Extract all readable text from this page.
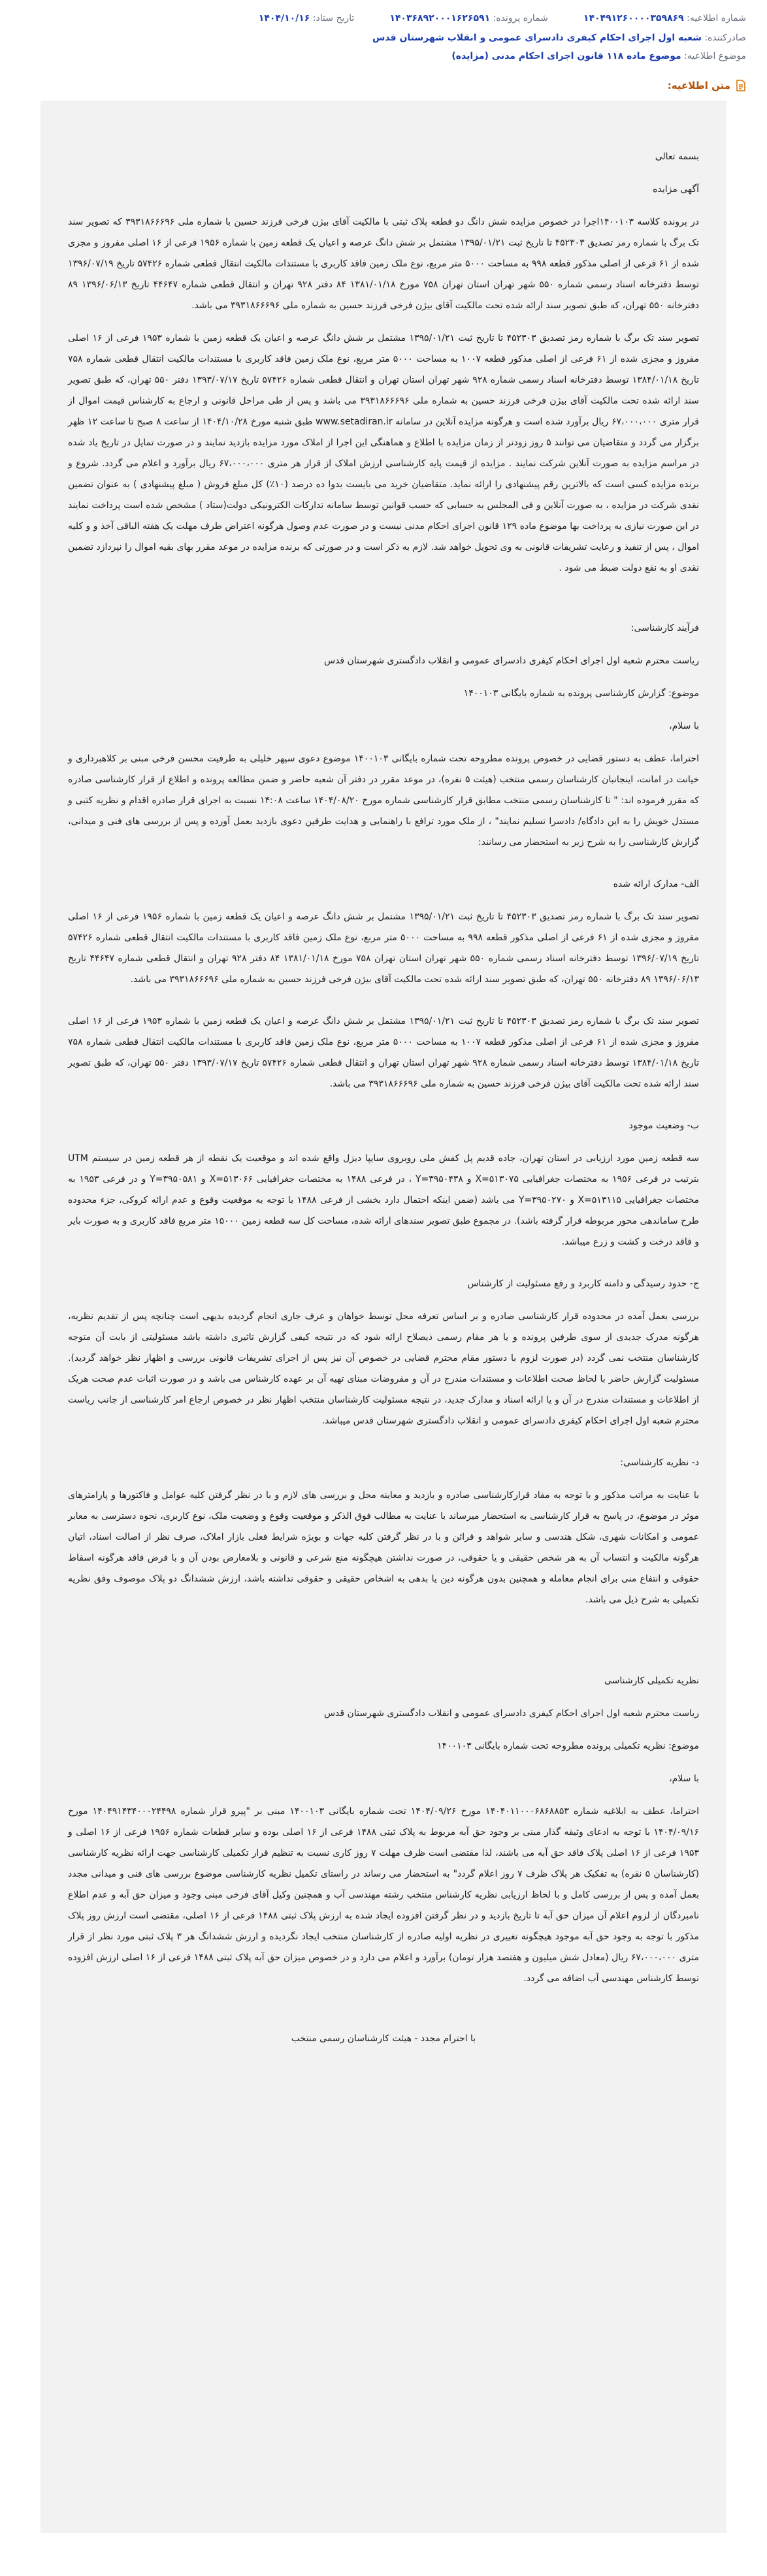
شماره اطلاعیه: ۱۴۰۴۹۱۲۶۰۰۰۰۳۵۹۸۶۹
شماره پرونده: ۱۴۰۳۶۸۹۲۰۰۰۱۶۲۶۵۹۱
تاریخ ستاد: ۱۴۰۴/۱۰/۱۶
صادرکننده: شعبه اول اجرای احکام کیفری دادسرای عمومی و انقلاب شهرستان قدس
موضوع اطلاعیه: موضوع ماده ۱۱۸ قانون اجرای احکام مدنی (مزایده)
متن اطلاعیه:

بسمه تعالی

آگهی مزایده

در پرونده کلاسه ۱۴۰۰۱۰۳اجرا در خصوص مزایده شش دانگ دو قطعه پلاک ثبتی با مالکیت آقای بیژن فرخی فرزند حسین با شماره ملی ۳۹۳۱۸۶۶۶۹۶ که تصویر سند تک برگ با شماره رمز تصدیق ۴۵۲۳۰۳ تا تاریخ ثبت ۱۳۹۵/۰۱/۲۱ مشتمل بر شش دانگ عرصه و اعیان یک قطعه زمین با شماره ۱۹۵۶ فرعی از ۱۶ اصلی مفروز و مجزی شده از ۶۱ فرعی از اصلی مذکور قطعه ۹۹۸ به مساحت ۵۰۰۰ متر مربع، نوع ملک زمین فاقد کاربری با مستندات مالکیت انتقال قطعی شماره ۵۷۴۲۶ تاریخ ۱۳۹۶/۰۷/۱۹ توسط دفترخانه اسناد رسمی شماره ۵۵۰ شهر تهران استان تهران ۷۵۸ مورخ ۱۳۸۱/۰۱/۱۸ ۸۴ دفتر ۹۲۸ تهران و انتقال قطعی شماره ۴۴۶۴۷ تاریخ ۱۳۹۶/۰۶/۱۳ ۸۹ دفترخانه ۵۵۰ تهران، که طبق تصویر سند ارائه شده تحت مالکیت آقای بیژن فرخی فرزند حسین به شماره ملی ۳۹۳۱۸۶۶۶۹۶ می باشد.

تصویر سند تک برگ با شماره رمز تصدیق ۴۵۲۳۰۳ تا تاریخ ثبت ۱۳۹۵/۰۱/۲۱ مشتمل بر شش دانگ عرصه و اعیان یک قطعه زمین با شماره ۱۹۵۳ فرعی از ۱۶ اصلی مفروز و مجزی شده از ۶۱ فرعی از اصلی مذکور قطعه ۱۰۰۷ به مساحت ۵۰۰۰ متر مربع، نوع ملک زمین فاقد کاربری با مستندات مالکیت انتقال قطعی شماره ۷۵۸ تاریخ ۱۳۸۴/۰۱/۱۸ توسط دفترخانه اسناد رسمی شماره ۹۲۸ شهر تهران استان تهران و انتقال قطعی شماره ۵۷۴۲۶ تاریخ ۱۳۹۳/۰۷/۱۷ دفتر ۵۵۰ تهران، که طبق تصویر سند ارائه شده تحت مالکیت آقای بیژن فرخی فرزند حسین به شماره ملی ۳۹۳۱۸۶۶۶۹۶ می باشد و پس از طی مراحل قانونی و ارجاع به کارشناس قیمت اموال از قرار متری ۶۷،۰۰۰،۰۰۰ ریال برآورد شده است و هرگونه مزایده آنلاین در سامانه www.setadiran.ir طبق شنبه مورخ ۱۴۰۴/۱۰/۲۸ از ساعت ۸ صبح تا ساعت ۱۲ ظهر برگزار می گردد و متقاضیان می توانند ۵ روز زودتر از زمان مزایده با اطلاع و هماهنگی این اجرا از املاک مورد مزایده بازدید نمایند و در صورت تمایل در تاریخ یاد شده در مراسم مزایده به صورت آنلاین شرکت نمایند . مزایده از قیمت پایه کارشناسی ارزش املاک از قرار هر متری ۶۷،۰۰۰،۰۰۰ ریال برآورد و اعلام می گردد. شروع و برنده مزایده کسی است که بالاترین رقم پیشنهادی را ارائه نماید. متقاضیان خرید می بایست بدوا ده درصد (۱۰٪) کل مبلغ فروش ( مبلغ پیشنهادی ) به عنوان تضمین نقدی شرکت در مزایده ، به صورت آنلاین و فی المجلس به حسابی که حسب قوانین توسط سامانه تدارکات الکترونیکی دولت(ستاد ) مشخص شده است پرداخت نمایند در این صورت نیازی به پرداخت بها موضوع ماده ۱۲۹ قانون اجرای احکام مدنی نیست و در صورت عدم وصول هرگونه اعتراض طرف مهلت یک هفته الباقی آخذ و و کلیه اموال ، پس از تنفیذ و رعایت تشریفات قانونی به وی تحویل خواهد شد. لازم به ذکر است و در صورتی که برنده مزایده در موعد مقرر بهای بقیه اموال را نپردازد تضمین نقدی او به نفع دولت ضبط می شود .

فرآیند کارشناسی:

ریاست محترم شعبه اول اجرای احکام کیفری دادسرای عمومی و انقلاب دادگستری شهرستان قدس

موضوع: گزارش کارشناسی پرونده به شماره بایگانی ۱۴۰۰۱۰۳

با سلام،

احتراما، عطف به دستور قضایی در خصوص پرونده مطروحه تحت شماره بایگانی ۱۴۰۰۱۰۳ موضوع دعوی سپهر خلیلی به طرفیت محسن فرخی مبنی بر کلاهبرداری و خیانت در امانت، اینجانبان کارشناسان رسمی منتخب (هیئت ۵ نفره)، در موعد مقرر در دفتر آن شعبه حاضر و ضمن مطالعه پرونده و اطلاع از قرار کارشناسی صادره که مقرر فرموده اند: " تا کارشناسان رسمی منتخب مطابق قرار کارشناسی شماره مورخ ۱۴۰۴/۰۸/۲۰ ساعت ۱۴:۰۸ نسبت به اجرای قرار صادره اقدام و نظریه کتبی و مستدل خویش را به این دادگاه/ دادسرا تسلیم نمایند" ، از ملک مورد ترافع با راهنمایی و هدایت طرفین دعوی بازدید بعمل آورده و پس از بررسی های فنی و میدانی، گزارش کارشناسی را به شرح زیر به استحضار می رسانند:

الف- مدارک ارائه شده

تصویر سند تک برگ با شماره رمز تصدیق ۴۵۲۳۰۳ تا تاریخ ثبت ۱۳۹۵/۰۱/۲۱ مشتمل بر شش دانگ عرصه و اعیان یک قطعه زمین با شماره ۱۹۵۶ فرعی از ۱۶ اصلی مفروز و مجزی شده از ۶۱ فرعی از اصلی مذکور قطعه ۹۹۸ به مساحت ۵۰۰۰ متر مربع، نوع ملک زمین فاقد کاربری با مستندات مالکیت انتقال قطعی شماره ۵۷۴۲۶ تاریخ ۱۳۹۶/۰۷/۱۹ توسط دفترخانه اسناد رسمی شماره ۵۵۰ شهر تهران استان تهران ۷۵۸ مورخ ۱۳۸۱/۰۱/۱۸ ۸۴ دفتر ۹۲۸ تهران و انتقال قطعی شماره ۴۴۶۴۷ تاریخ ۱۳۹۶/۰۶/۱۳ ۸۹ دفترخانه ۵۵۰ تهران، که طبق تصویر سند ارائه شده تحت مالکیت آقای بیژن فرخی فرزند حسین به شماره ملی ۳۹۳۱۸۶۶۶۹۶ می باشد.

تصویر سند تک برگ با شماره رمز تصدیق ۴۵۲۳۰۳ تا تاریخ ثبت ۱۳۹۵/۰۱/۲۱ مشتمل بر شش دانگ عرصه و اعیان یک قطعه زمین با شماره ۱۹۵۳ فرعی از ۱۶ اصلی مفروز و مجزی شده از ۶۱ فرعی از اصلی مذکور قطعه ۱۰۰۷ به مساحت ۵۰۰۰ متر مربع، نوع ملک زمین فاقد کاربری با مستندات مالکیت انتقال قطعی شماره ۷۵۸ تاریخ ۱۳۸۴/۰۱/۱۸ توسط دفترخانه اسناد رسمی شماره ۹۲۸ شهر تهران استان تهران و انتقال قطعی شماره ۵۷۴۲۶ تاریخ ۱۳۹۳/۰۷/۱۷ دفتر ۵۵۰ تهران، که طبق تصویر سند ارائه شده تحت مالکیت آقای بیژن فرخی فرزند حسین به شماره ملی ۳۹۳۱۸۶۶۶۹۶ می باشد.

ب- وضعیت موجود

سه قطعه زمین مورد ارزیابی در استان تهران، جاده قدیم پل کفش ملی روبروی سایپا دیزل واقع شده اند و موقعیت یک نقطه از هر قطعه زمین در سیستم UTM بترتیب در فرعی ۱۹۵۶ به مختصات جغرافیایی X=۵۱۳۰۷۵ و Y=۳۹۵۰۴۳۸ ، در فرعی ۱۴۸۸ به مختصات جغرافیایی X=۵۱۳۰۶۶ و Y=۳۹۵۰۵۸۱ و در فرعی ۱۹۵۳ به مختصات جغرافیایی X=۵۱۳۱۱۵ و Y=۳۹۵۰۲۷۰ می باشد (ضمن اینکه احتمال دارد بخشی از فرعی ۱۴۸۸ با توجه به موقعیت وقوع و عدم ارائه کروکی، جزء محدوده طرح ساماندهی محور مربوطه قرار گرفته باشد). در مجموع طبق تصویر سندهای ارائه شده، مساحت کل سه قطعه زمین ۱۵۰۰۰ متر مربع فاقد کاربری و به صورت بایر و فاقد درخت و کشت و زرع میباشد.

ج- حدود رسیدگی و دامنه کاربرد و رفع مسئولیت از کارشناس

بررسی بعمل آمده در محدوده قرار کارشناسی صادره و بر اساس تعرفه محل توسط خواهان و عرف جاری انجام گردیده بدیهی است چنانچه پس از تقدیم نظریه، هرگونه مدرک جدیدی از سوی طرفین پرونده و یا هر مقام رسمی ذیصلاح ارائه شود که در نتیجه کیفی گزارش تاثیری داشته باشد مسئولیتی از بابت آن متوجه کارشناسان منتخب نمی گردد (در صورت لزوم با دستور مقام محترم قضایی در خصوص آن نیز پس از اجرای تشریفات قانونی بررسی و اظهار نظر خواهد گردید). مسئولیت گزارش حاضر با لحاظ صحت اطلاعات و مستندات مندرج در آن و مفروضات مبنای تهیه آن بر عهده کارشناس می باشد و در صورت اثبات عدم صحت هریک از اطلاعات و مستندات مندرج در آن و یا ارائه اسناد و مدارک جدید، در نتیجه مسئولیت کارشناسان منتخب اظهار نظر در خصوص ارجاع امر کارشناسی از جانب ریاست محترم شعبه اول اجرای احکام کیفری دادسرای عمومی و انقلاب دادگستری شهرستان قدس میباشد.

د- نظریه کارشناسی:

با عنایت به مراتب مذکور و با توجه به مفاد قرارکارشناسی صادره و بازدید و معاینه محل و بررسی های لازم و با در نظر گرفتن کلیه عوامل و فاکتورها و پارامترهای موثر در موضوع، در پاسخ به قرار کارشناسی به استحضار میرساند با عنایت به مطالب فوق الذکر و موقعیت وقوع و وضعیت ملک، نوع کاربری، نحوه دسترسی به معابر عمومی و امکانات شهری، شکل هندسی و سایر شواهد و قرائن و با در نظر گرفتن کلیه جهات و بویژه شرایط فعلی بازار املاک، صرف نظر از اصالت اسناد، اتیان هرگونه مالکیت و انتساب آن به هر شخص حقیقی و یا حقوقی، در صورت نداشتن هیچگونه منع شرعی و قانونی و بلامعارض بودن آن و با فرض فاقد هرگونه اسقاط حقوقی و انتفاع منی برای انجام معامله و همچنین بدون هرگونه دین یا بدهی به اشخاص حقیقی و حقوقی نداشته باشد، ارزش ششدانگ دو پلاک موصوف وفق نظریه تکمیلی به شرح ذیل می باشد.

نظریه تکمیلی کارشناسی

ریاست محترم شعبه اول اجرای احکام کیفری دادسرای عمومی و انقلاب دادگستری شهرستان قدس

موضوع: نظریه تکمیلی پرونده مطروحه تحت شماره بایگانی ۱۴۰۰۱۰۳

با سلام،

احتراما، عطف به ابلاغیه شماره ۱۴۰۴۰۱۱۰۰۰۶۸۶۸۸۵۳ مورخ ۱۴۰۴/۰۹/۲۶ تحت شماره بایگانی ۱۴۰۰۱۰۳ مبنی بر "پیرو قرار شماره ۱۴۰۴۹۱۴۳۴۰۰۰۲۴۴۹۸ مورخ ۱۴۰۴/۰۹/۱۶ با توجه به ادعای وثیقه گذار مبنی بر وجود حق آبه مربوط به پلاک ثبتی ۱۴۸۸ فرعی از ۱۶ اصلی بوده و سایر قطعات شماره ۱۹۵۶ فرعی از ۱۶ اصلی و ۱۹۵۳ فرعی از ۱۶ اصلی پلاک فاقد حق آبه می باشند، لذا مقتضی است ظرف مهلت ۷ روز کاری نسبت به تنظیم قرار تکمیلی کارشناسی جهت ارائه نظریه کارشناسی (کارشناسان ۵ نفره) به تفکیک هر پلاک ظرف ۷ روز اعلام گردد" به استحضار می رساند در راستای تکمیل نظریه کارشناسی موضوع بررسی های فنی و میدانی مجدد بعمل آمده و پس از بررسی کامل و با لحاظ ارزیابی نظریه کارشناس منتخب رشته مهندسی آب و همچنین وکیل آقای فرخی مبنی وجود و میزان حق آبه و عدم اطلاع نامبردگان از لزوم اعلام آن میزان حق آبه تا تاریخ بازدید و در نظر گرفتن افزوده ایجاد شده به ارزش پلاک ثبتی ۱۴۸۸ فرعی از ۱۶ اصلی، مقتضی است ارزش روز پلاک مذکور با توجه به وجود حق آبه موجود هیچگونه تغییری در نظریه اولیه صادره از کارشناسان منتخب ایجاد نگردیده و ارزش ششدانگ هر ۳ پلاک ثبتی مورد نظر از قرار متری ۶۷،۰۰۰،۰۰۰ ریال (معادل شش میلیون و هفتصد هزار تومان) برآورد و اعلام می دارد و در خصوص میزان حق آبه پلاک ثبتی ۱۴۸۸ فرعی از ۱۶ اصلی ارزش افزوده توسط کارشناس مهندسی آب اضافه می گردد.

با احترام مجدد - هیئت کارشناسان رسمی منتخب
